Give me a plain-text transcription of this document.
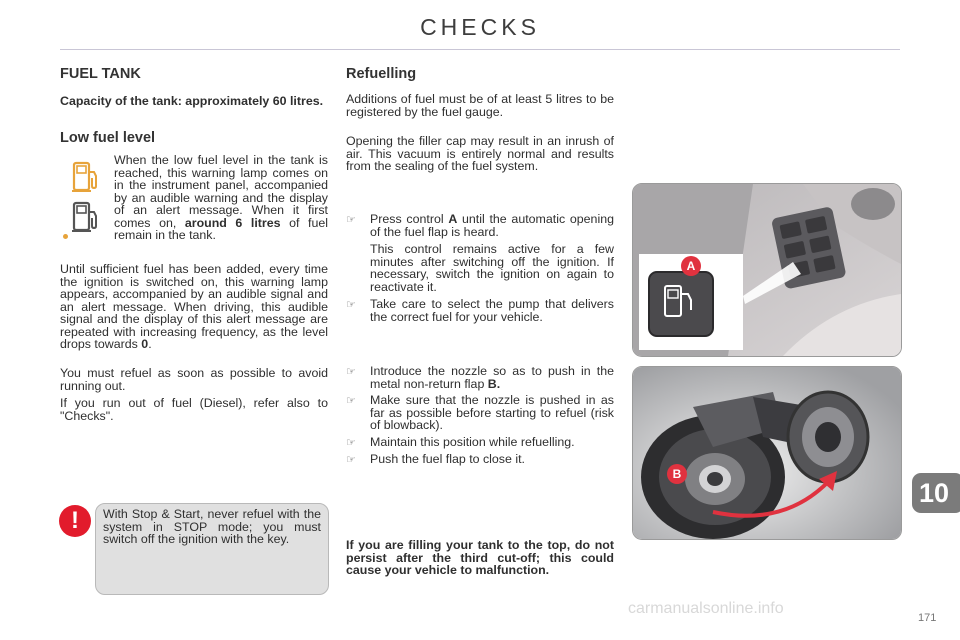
CHECKS
FUEL TANK

Capacity of the tank: approximately 60 litres.

Low fuel level

When the low fuel level in the tank is reached, this warning lamp comes on in the instrument panel, accompanied by an audible warning and the display of an alert message. When it first comes on, around 6 litres of fuel remain in the tank.

Until sufficient fuel has been added, every time the ignition is switched on, this warning lamp appears, accompanied by an audible signal and an alert message. When driving, this audible signal and the display of this alert message are repeated with increasing frequency, as the level drops towards 0.

You must refuel as soon as possible to avoid running out.

If you run out of fuel (Diesel), refer also to "Checks".

!	With Stop & Start, never refuel with the system in STOP mode; you must switch off the ignition with the key.

Refuelling

Additions of fuel must be of at least 5 litres to be registered by the fuel gauge.

Opening the filler cap may result in an inrush of air. This vacuum is entirely normal and results from the sealing of the fuel system.

☞ Press control A until the automatic opening of the fuel flap is heard.

This control remains active for a few minutes after switching off the ignition. If necessary, switch the ignition on again to reactivate it.

☞ Take care to select the pump that delivers the correct fuel for your vehicle.

☞ Introduce the nozzle so as to push in the metal non-return flap B.

☞ Make sure that the nozzle is pushed in as far as possible before starting to refuel (risk of blowback).

☞ Maintain this position while refuelling.

☞ Push the fuel flap to close it.

If you are filling your tank to the top, do not persist after the third cut-off; this could cause your vehicle to malfunction.

A
B
10
171
carmanualsonline.info
